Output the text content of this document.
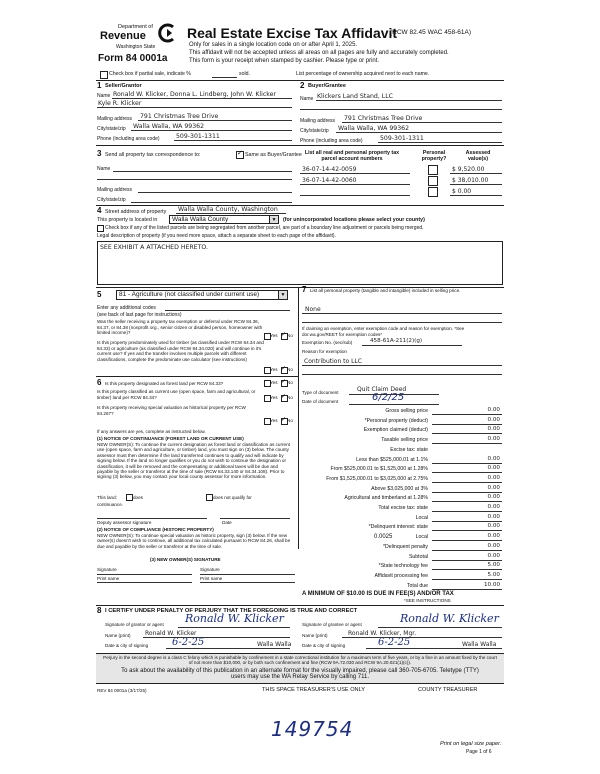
Department of
Revenue
Washington State
Form 84 0001a
Real Estate Excise Tax Affidavit
(RCW 82.45 WAC 458-61A)
Only for sales in a single location code on or after April 1, 2025.
This affidavit will not be accepted unless all areas on all pages are fully and accurately completed.
This form is your receipt when stamped by cashier. Please type or print.
Check box if partial sale, indicate %	sold.	List percentage of ownership acquired next to each name.
1 Seller/Grantor
Name Ronald W. Klicker, Donna L. Lindberg, John W. Klicker
Kyle R. Klicker
Mailing address 791 Christmas Tree Drive
City/state/zip Walla Walla, WA 99362
Phone (including area code)	509-301-1311
2 Buyer/Grantee
Name Klickers Land Stand, LLC
Mailing address 791 Christmas Tree Drive
City/state/zip Walla Walla, WA 99362
Phone (including area code)	509-301-1311
3 Send all property tax correspondence to:	✓ Same as Buyer/Grantee
Name
Mailing address
City/state/zip
List all real and personal property tax parcel account numbers
Personal property?
Assessed value(s)
36-07-14-42-0059	$ 9,520.00
36-07-14-42-0060	$ 38,010.00
$ 0.00
4 Street address of property Walla Walla County, Washington
This property is located in	Walla Walla County	▼ (for unincorporated locations please select your county)
Check box if any of the listed parcels are being segregated from another parcel, are part of a boundary line adjustment or parcels being merged.
Legal description of property (if you need more space, attach a separate sheet to each page of the affidavit).
SEE EXHIBIT A ATTACHED HERETO.
5	81 - Agriculture (not classified under current use)	▼
Enter any additional codes
(see back of last page for instructions)
Was the seller receiving a property tax exemption or deferral under RCW 84.36, 84.37, or 84.38 (nonprofit org., senior citizen or disabled person, homeowner with limited income)?
Yes ✓ No
Is this property predominately used for timber (as classified under RCW 84.34 and 84.33) or agriculture (as classified under RCW 84.34.020) and will continue in it's current use? If yes and the transfer involves multiple parcels with different classifications, complete the predominate use calculator (see instructions)
Yes ✓ No
6 Is this property designated as forest land per RCW 84.33?	Yes ✓ No
Is this property classified as current use (open space, farm and agricultural, or timber) land per RCW 84.34?	Yes ✓ No
Is this property receiving special valuation as historical property per RCW 84.267?
Yes ✓ No
If any answers are yes, complete as instructed below.
(1) NOTICE OF CONTINUANCE (FOREST LAND OR CURRENT USE)
NEW OWNER(S): To continue the current designation as forest land or classification as current use (open space, farm and agriculture, or timber) land, you must sign on (3) below. The county assessor must then determine if the land transferred continues to qualify and will indicate by signing below. If the land no longer qualifies or you do not wish to continue the designation or classification, it will be removed and the compensating or additional taxes will be due and payable by the seller or transferor at the time of sale (RCW 84.33.140 or 84.34.108). Prior to signing (3) below, you may contact your local county assessor for more information.
This land:	does	does not qualify for
continuance.
Deputy assessor signature	Date
(2) NOTICE OF COMPLIANCE (HISTORIC PROPERTY)
NEW OWNER(S): To continue special valuation as historic property, sign (3) below. If the new owner(s) doesn't wish to continue, all additional tax calculated pursuant to RCW 84.26, shall be due and payable by the seller or transferor at the time of sale.
(3) NEW OWNER(S) SIGNATURE
Signature	Signature
Print name	Print name
7 List all personal property (tangible and intangible) included in selling price.
None
If claiming an exemption, enter exemption code and reason for exemption. *See dor.wa.gov/REET for exemption codes*
Exemption No. (sec/sub)	458-61A-211(2)(g)
Reason for exemption
Contribution to LLC
Type of document	Quit Claim Deed
Date of document	6/2/25
Gross selling price	0.00
*Personal property (deduct)	0.00
Exemption claimed (deduct)	0.00
Taxable selling price	0.00
Excise tax: state
Less than $525,000.01 at 1.1%	0.00
From $525,000.01 to $1,525,000 at 1.28%	0.00
From $1,525,000.01 to $3,025,000 at 2.75%	0.00
Above $3,025,000 at 3%	0.00
Agricultural and timberland at 1.28%	0.00
Total excise tax: state	0.00
Local	0.00
*Delinquent interest: state	0.00
Local	0.00
*Delinquent penalty	0.00
Subtotal	0.00
*State technology fee	5.00
Affidavit processing fee	5.00
Total due	10.00
0.0025
A MINIMUM OF $10.00 IS DUE IN FEE(S) AND/OR TAX
*SEE INSTRUCTIONS
8 I CERTIFY UNDER PENALTY OF PERJURY THAT THE FOREGOING IS TRUE AND CORRECT
Signature of grantor or agent Ronald W. Klicker
Name (print) Ronald W. Klicker
Date & city of signing 6-2-25	Walla Walla
Signature of grantee or agent	Ronald W. Klicker
Name (print)	Ronald W. Klicker, Mgr.
Date & city of signing	6-2-25	Walla Walla
Perjury in the second degree is a class C felony which is punishable by confinement in a state correctional institution for a maximum term of five years, or by a fine in an amount fixed by the court of not more than $10,000, or by both such confinement and fine (RCW 9A.72.030 and RCW 9A.20.021(1)(c)).
To ask about the availability of this publication in an alternate format for the visually impaired, please call 360-705-6705. Teletype (TTY) users may use the WA Relay Service by calling 711.
REV 84 0001a (3/17/25)	THIS SPACE TREASURER'S USE ONLY	COUNTY TREASURER
149754
Print on legal size paper.
Page 1 of 6
